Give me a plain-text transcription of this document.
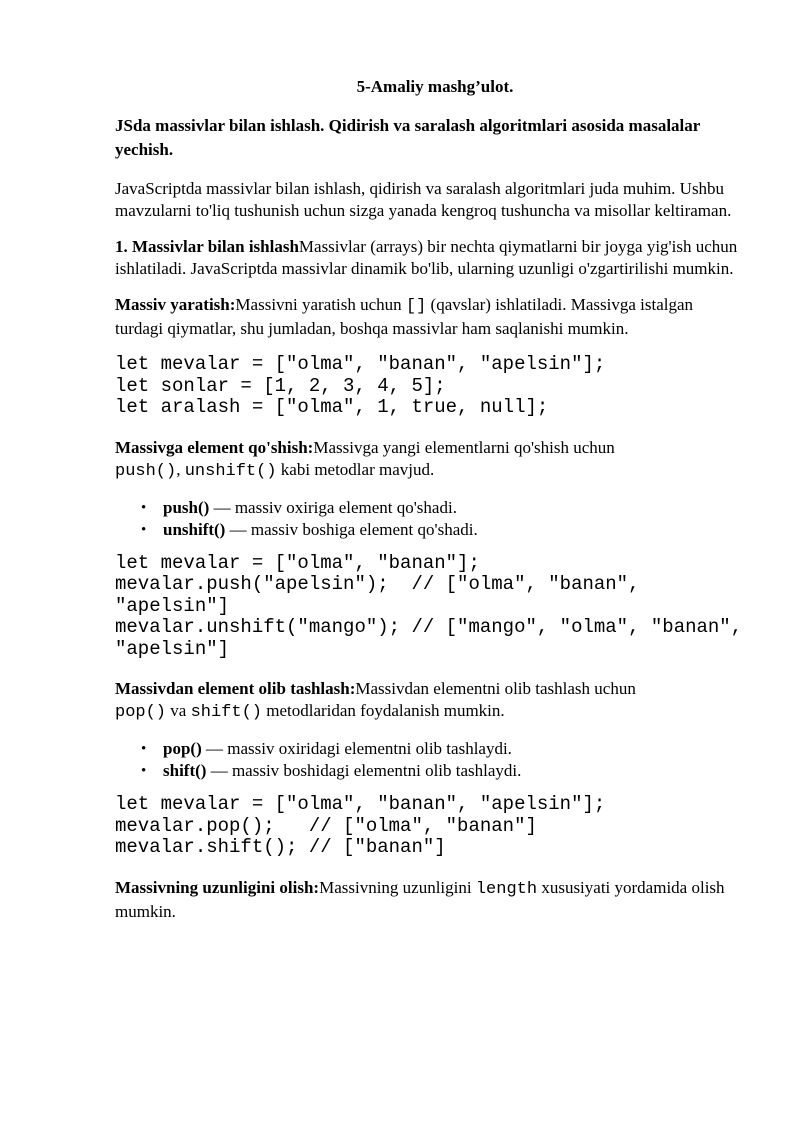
5-Amaliy mashg’ulot.
JSda massivlar bilan ishlash. Qidirish va saralash algoritmlari asosida masalalar yechish.

JavaScriptda massivlar bilan ishlash, qidirish va saralash algoritmlari juda muhim. Ushbu mavzularni to'liq tushunish uchun sizga yanada kengroq tushuncha va misollar keltiraman.

1. Massivlar bilan ishlashMassivlar (arrays) bir nechta qiymatlarni bir joyga yig'ish uchun ishlatiladi. JavaScriptda massivlar dinamik bo'lib, ularning uzunligi o'zgartirilishi mumkin.

Massiv yaratish:Massivni yaratish uchun [] (qavslar) ishlatiladi. Massivga istalgan turdagi qiymatlar, shu jumladan, boshqa massivlar ham saqlanishi mumkin.

let mevalar = ["olma", "banan", "apelsin"];
let sonlar = [1, 2, 3, 4, 5];
let aralash = ["olma", 1, true, null];

Massivga element qo'shish:Massivga yangi elementlarni qo'shish uchun
push(), unshift() kabi metodlar mavjud.

• push() — massiv oxiriga element qo'shadi.
• unshift() — massiv boshiga element qo'shadi.
let mevalar = ["olma", "banan"];
mevalar.push("apelsin");  // ["olma", "banan",
"apelsin"]
mevalar.unshift("mango"); // ["mango", "olma", "banan",
"apelsin"]

Massivdan element olib tashlash:Massivdan elementni olib tashlash uchun
pop() va shift() metodlaridan foydalanish mumkin.

• pop() — massiv oxiridagi elementni olib tashlaydi.
• shift() — massiv boshidagi elementni olib tashlaydi.
let mevalar = ["olma", "banan", "apelsin"];
mevalar.pop();   // ["olma", "banan"]
mevalar.shift(); // ["banan"]

Massivning uzunligini olish:Massivning uzunligini length xususiyati yordamida olish mumkin.
